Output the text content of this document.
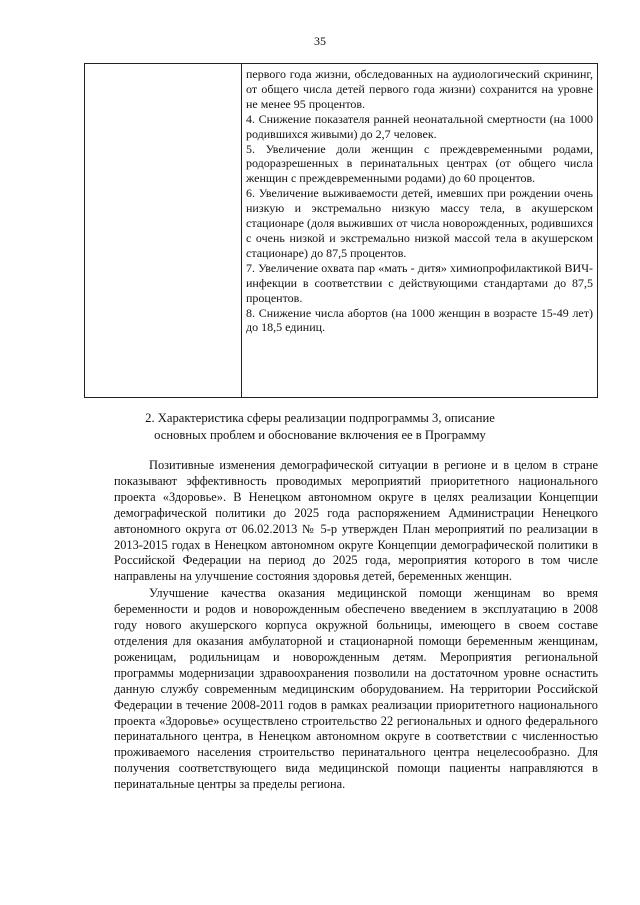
35

первого года жизни, обследованных на аудиологический скрининг, от общего числа детей первого года жизни) сохранится на уровне не менее 95 процентов.

4. Снижение показателя ранней неонатальной смертности (на 1000 родившихся живыми) до 2,7 человек.

5. Увеличение доли женщин с преждевременными родами, родоразрешенных в перинатальных центрах (от общего числа женщин с преждевременными родами) до 60 процентов.

6. Увеличение выживаемости детей, имевших при рождении очень низкую и экстремально низкую массу тела, в акушерском стационаре (доля выживших от числа новорожденных, родившихся с очень низкой и экстремально низкой массой тела в акушерском стационаре) до 87,5 процентов.

7. Увеличение охвата пар «мать - дитя» химиопрофилактикой ВИЧ-инфекции в соответствии с действующими стандартами до 87,5 процентов.

8. Снижение числа абортов (на 1000 женщин в возрасте 15-49 лет) до 18,5 единиц.

2. Характеристика сферы реализации подпрограммы 3, описание
основных проблем и обоснование включения ее в Программу

Позитивные изменения демографической ситуации в регионе и в целом в стране показывают эффективность проводимых мероприятий приоритетного национального проекта «Здоровье». В Ненецком автономном округе в целях реализации Концепции демографической политики до 2025 года распоряжением Администрации Ненецкого автономного округа от 06.02.2013 № 5-р утвержден План мероприятий по реализации в 2013-2015 годах в Ненецком автономном округе Концепции демографической политики в Российской Федерации на период до 2025 года, мероприятия которого в том числе направлены на улучшение состояния здоровья детей, беременных женщин.

Улучшение качества оказания медицинской помощи женщинам во время беременности и родов и новорожденным обеспечено введением в эксплуатацию в 2008 году нового акушерского корпуса окружной больницы, имеющего в своем составе отделения для оказания амбулаторной и стационарной помощи беременным женщинам, роженицам, родильницам и новорожденным детям. Мероприятия региональной программы модернизации здравоохранения позволили на достаточном уровне оснастить данную службу современным медицинским оборудованием. На территории Российской Федерации в течение 2008-2011 годов в рамках реализации приоритетного национального проекта «Здоровье» осуществлено строительство 22 региональных и одного федерального перинатального центра, в Ненецком автономном округе в соответствии с численностью проживаемого населения строительство перинатального центра нецелесообразно. Для получения соответствующего вида медицинской помощи пациенты направляются в перинатальные центры за пределы региона.
